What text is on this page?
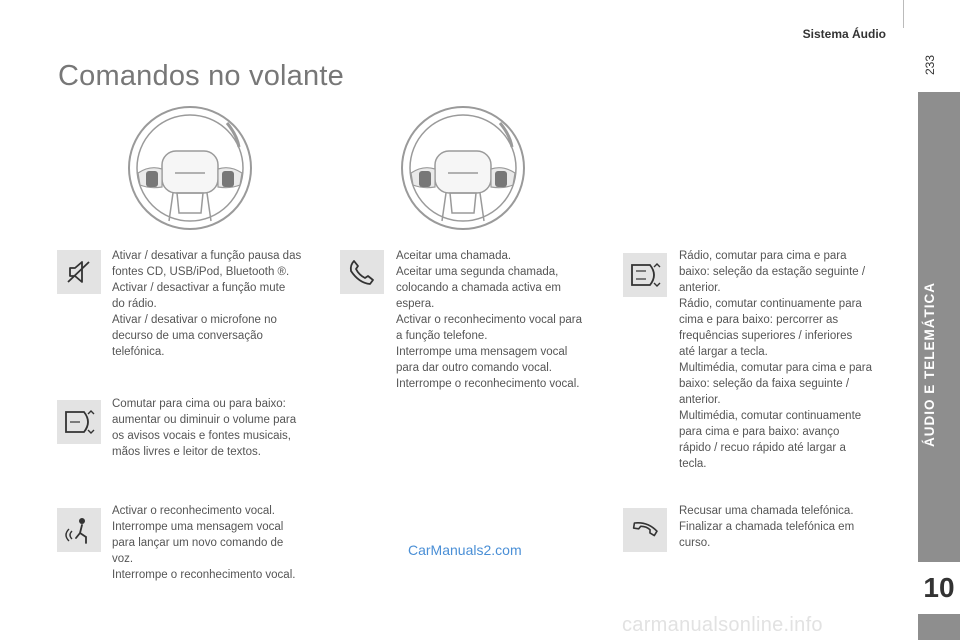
Sistema Áudio
233
Comandos no volante
ÁUDIO E TELEMÁTICA
10
Ativar / desativar a função pausa das
fontes CD, USB/iPod, Bluetooth ®.
Activar / desactivar a função mute
do rádio.
Ativar / desativar o microfone no
decurso de uma conversação
telefónica.
Comutar para cima ou para baixo:
aumentar ou diminuir o volume para
os avisos vocais e fontes musicais,
mãos livres e leitor de textos.
Activar o reconhecimento vocal.
Interrompe uma mensagem vocal
para lançar um novo comando de
voz.
Interrompe o reconhecimento vocal.
Aceitar uma chamada.
Aceitar uma segunda chamada,
colocando a chamada activa em
espera.
Activar o reconhecimento vocal para
a função telefone.
Interrompe uma mensagem vocal
para dar outro comando vocal.
Interrompe o reconhecimento vocal.
Rádio, comutar para cima e para
baixo: seleção da estação seguinte /
anterior.
Rádio, comutar continuamente para
cima e para baixo: percorrer as
frequências superiores / inferiores
até largar a tecla.
Multimédia, comutar para cima e para
baixo: seleção da faixa seguinte /
anterior.
Multimédia, comutar continuamente
para cima e para baixo: avanço
rápido / recuo rápido até largar a
tecla.
Recusar uma chamada telefónica.
Finalizar a chamada telefónica em
curso.
CarManuals2.com
carmanualsonline.info
